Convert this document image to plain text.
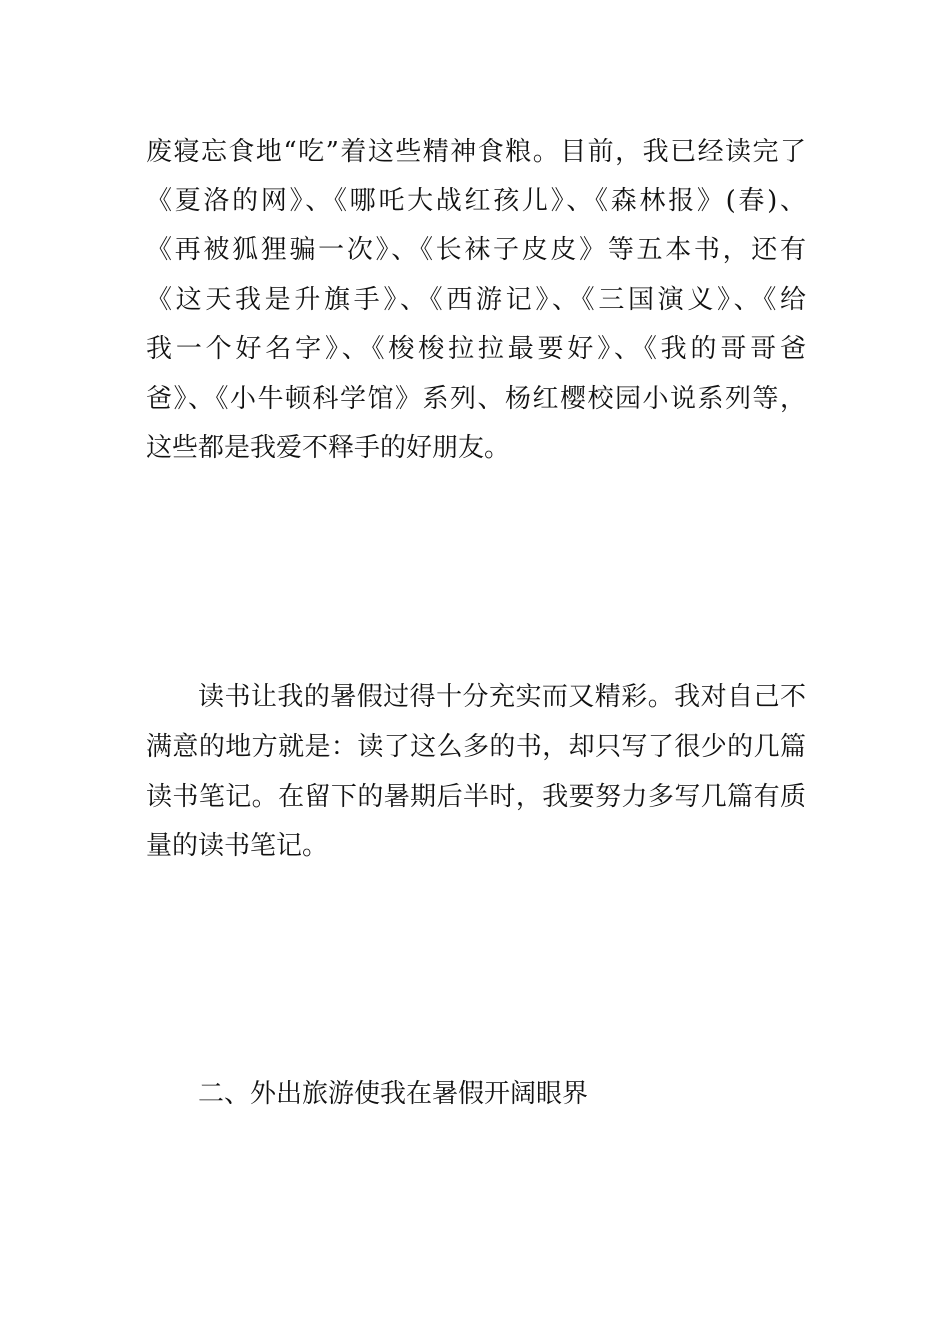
废寝忘食地“吃”着这些精神食粮。目前，我已经读完了
《夏洛的网》、《哪吒大战红孩儿》、《森林报》(春)、
《再被狐狸骗一次》、《长袜子皮皮》等五本书，还有
《这天我是升旗手》、《西游记》、《三国演义》、《给
我一个好名字》、《梭梭拉拉最要好》、《我的哥哥爸
爸》、《小牛顿科学馆》系列、杨红樱校园小说系列等，
这些都是我爱不释手的好朋友。
读书让我的暑假过得十分充实而又精彩。我对自己不
满意的地方就是：读了这么多的书，却只写了很少的几篇
读书笔记。在留下的暑期后半时，我要努力多写几篇有质
量的读书笔记。
二、外出旅游使我在暑假开阔眼界
